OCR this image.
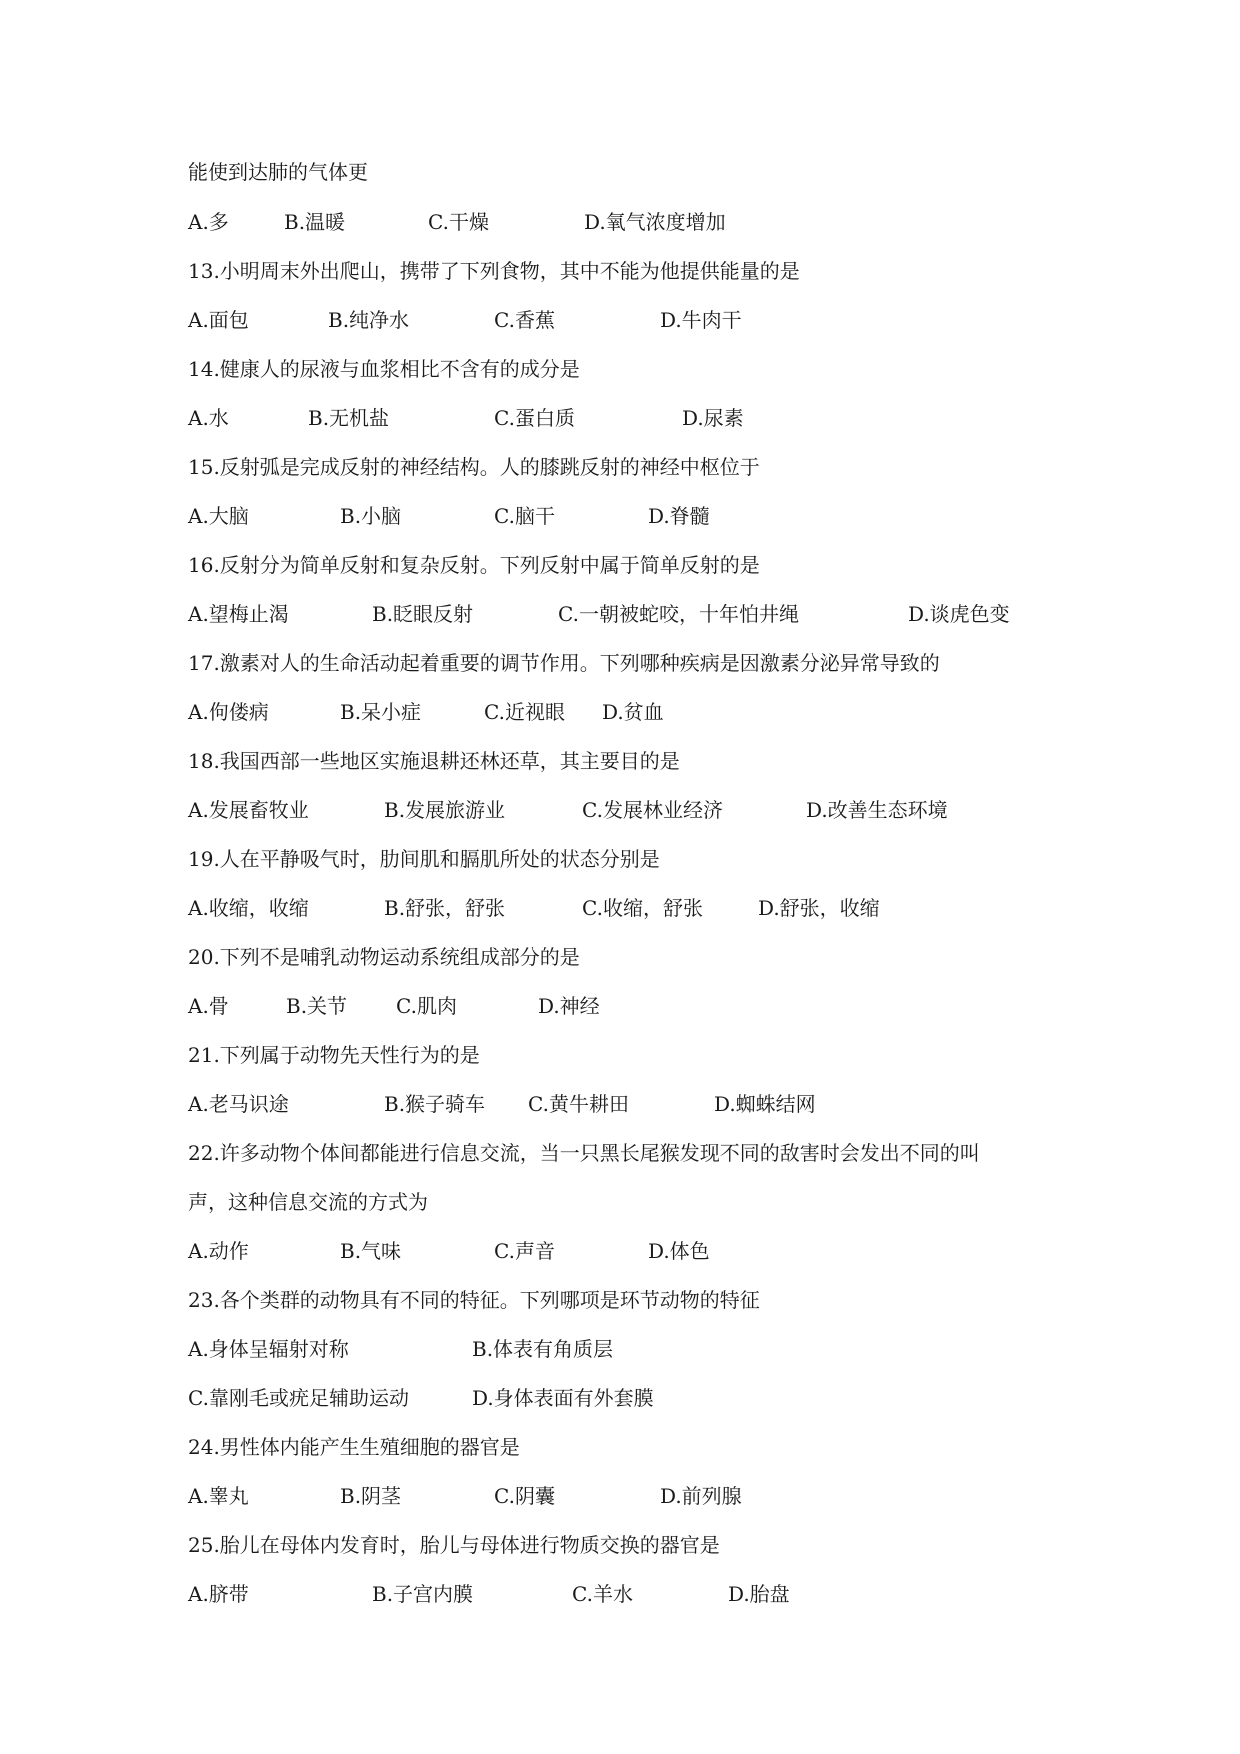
能使到达肺的气体更
A.多	B.温暖	C.干燥	D.氧气浓度增加
13.小明周末外出爬山，携带了下列食物，其中不能为他提供能量的是
A.面包	B.纯净水	C.香蕉	D.牛肉干
14.健康人的尿液与血浆相比不含有的成分是
A.水	B.无机盐	C.蛋白质	D.尿素
15.反射弧是完成反射的神经结构。人的膝跳反射的神经中枢位于
A.大脑	B.小脑	C.脑干	D.脊髓
16.反射分为简单反射和复杂反射。下列反射中属于简单反射的是
A.望梅止渴	B.眨眼反射	C.一朝被蛇咬，十年怕井绳	D.谈虎色变
17.激素对人的生命活动起着重要的调节作用。下列哪种疾病是因激素分泌异常导致的
A.佝偻病	B.呆小症	C.近视眼 D.贫血
18.我国西部一些地区实施退耕还林还草，其主要目的是
A.发展畜牧业	B.发展旅游业	C.发展林业经济	D.改善生态环境
19.人在平静吸气时，肋间肌和膈肌所处的状态分别是
A.收缩，收缩	B.舒张，舒张	C.收缩，舒张	D.舒张，收缩
20.下列不是哺乳动物运动系统组成部分的是
A.骨	B.关节 C.肌肉	D.神经
21.下列属于动物先天性行为的是
A.老马识途	B.猴子骑车 C.黄牛耕田	D.蜘蛛结网
22.许多动物个体间都能进行信息交流，当一只黑长尾猴发现不同的敌害时会发出不同的叫
声，这种信息交流的方式为
A.动作	B.气味	C.声音	D.体色
23.各个类群的动物具有不同的特征。下列哪项是环节动物的特征
A.身体呈辐射对称	B.体表有角质层
C.靠刚毛或疣足辅助运动	D.身体表面有外套膜
24.男性体内能产生生殖细胞的器官是
A.睾丸	B.阴茎	C.阴囊	D.前列腺
25.胎儿在母体内发育时，胎儿与母体进行物质交换的器官是
A.脐带	B.子宫内膜	C.羊水	D.胎盘
